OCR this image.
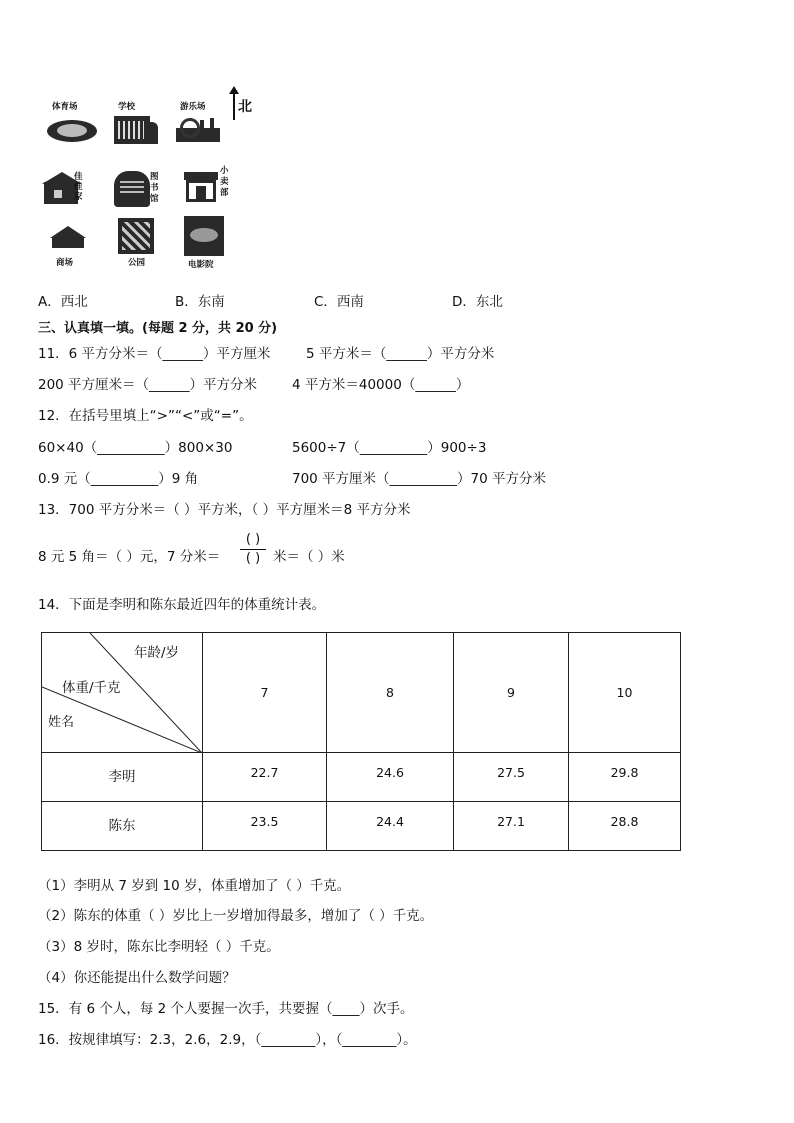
体育场	学校	游乐场 北
佳佳家
图书馆
小卖部
商场	公园	电影院
A．西北	B．东南	C．西南	D．东北
三、认真填一填。(每题 2 分，共 20 分)
11．6 平方分米＝（______）平方厘米	5 平方米＝（______）平方分米
200 平方厘米＝（______）平方分米	4 平方米＝40000（______）
12．在括号里填上“>”“<”或“=”。
60×40（__________）800×30	5600÷7（__________）900÷3
0.9 元（__________）9 角	700 平方厘米（__________）70 平方分米
13．700 平方分米＝（ ）平方米，（ ）平方厘米＝8 平方分米
8 元 5 角＝（ ）元，7 分米＝
( )
( ) 米＝（ ）米
14．下面是李明和陈东最近四年的体重统计表。
年龄/岁
体重/千克
姓名	7	8	9	10
李明	22.7	24.6	27.5	29.8
陈东	23.5	24.4	27.1	28.8
（1）李明从 7 岁到 10 岁，体重增加了（ ）千克。
（2）陈东的体重（ ）岁比上一岁增加得最多，增加了（ ）千克。
（3）8 岁时，陈东比李明轻（ ）千克。
（4）你还能提出什么数学问题？
15．有 6 个人，每 2 个人要握一次手，共要握（____）次手。
16．按规律填写：2.3，2.6，2.9，（________），（________）。
